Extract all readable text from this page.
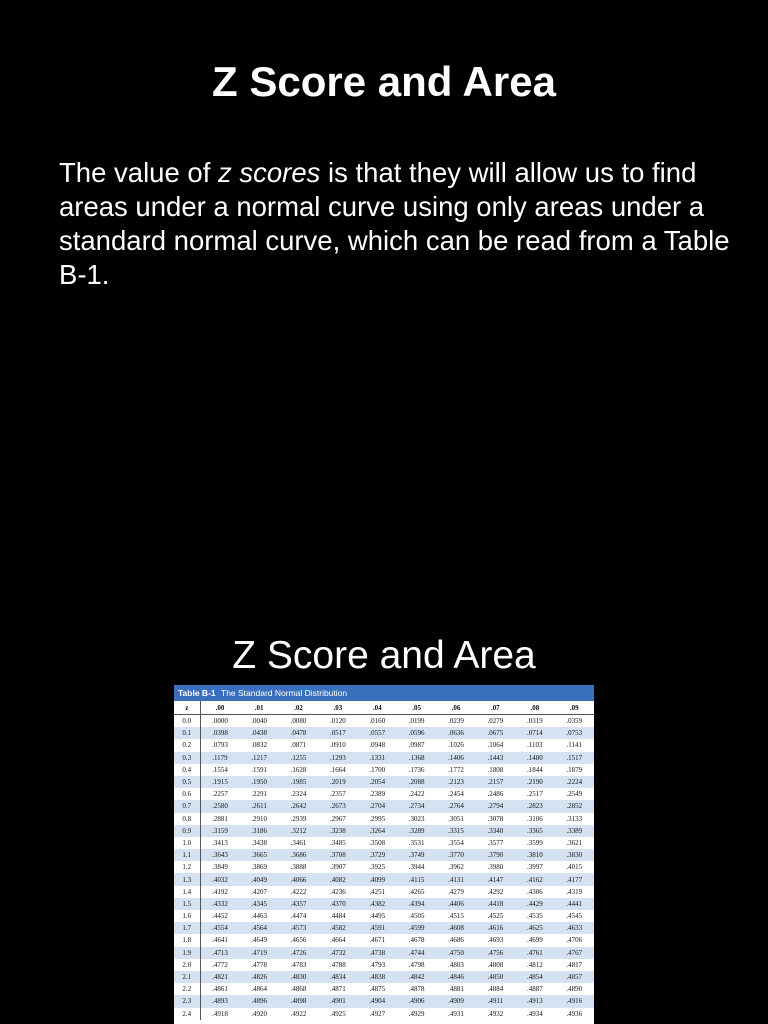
Z Score and Area
The value of z scores is that they will allow us to find areas under a normal curve using only areas under a standard normal curve, which can be read from a Table B-1.
Z Score and Area
Table B-1 The Standard Normal Distribution
z	.00	.01	.02	.03	.04	.05	.06	.07	.08	.09
0.0	.0000	.0040	.0080	.0120	.0160	.0199	.0239	.0279	.0319	.0359
0.1	.0398	.0438	.0478	.0517	.0557	.0596	.0636	.0675	.0714	.0753
0.2	.0793	.0832	.0871	.0910	.0948	.0987	.1026	.1064	.1103	.1141
0.3	.1179	.1217	.1255	.1293	.1331	.1368	.1406	.1443	.1480	.1517
0.4	.1554	.1591	.1628	.1664	.1700	.1736	.1772	.1808	.1844	.1879
0.5	.1915	.1950	.1985	.2019	.2054	.2088	.2123	.2157	.2190	.2224
0.6	.2257	.2291	.2324	.2357	.2389	.2422	.2454	.2486	.2517	.2549
0.7	.2580	.2611	.2642	.2673	.2704	.2734	.2764	.2794	.2823	.2852
0.8	.2881	.2910	.2939	.2967	.2995	.3023	.3051	.3078	.3106	.3133
0.9	.3159	.3186	.3212	.3238	.3264	.3289	.3315	.3340	.3365	.3389
1.0	.3413	.3438	.3461	.3485	.3508	.3531	.3554	.3577	.3599	.3621
1.1	.3643	.3665	.3686	.3708	.3729	.3749	.3770	.3790	.3810	.3830
1.2	.3849	.3869	.3888	.3907	.3925	.3944	.3962	.3980	.3997	.4015
1.3	.4032	.4049	.4066	.4082	.4099	.4115	.4131	.4147	.4162	.4177
1.4	.4192	.4207	.4222	.4236	.4251	.4265	.4279	.4292	.4306	.4319
1.5	.4332	.4345	.4357	.4370	.4382	.4394	.4406	.4418	.4429	.4441
1.6	.4452	.4463	.4474	.4484	.4495	.4505	.4515	.4525	.4535	.4545
1.7	.4554	.4564	.4573	.4582	.4591	.4599	.4608	.4616	.4625	.4633
1.8	.4641	.4649	.4656	.4664	.4671	.4678	.4686	.4693	.4699	.4706
1.9	.4713	.4719	.4726	.4732	.4738	.4744	.4750	.4756	.4761	.4767
2.0	.4772	.4778	.4783	.4788	.4793	.4798	.4803	.4808	.4812	.4817
2.1	.4821	.4826	.4830	.4834	.4838	.4842	.4846	.4850	.4854	.4857
2.2	.4861	.4864	.4868	.4871	.4875	.4878	.4881	.4884	.4887	.4890
2.3	.4893	.4896	.4898	.4901	.4904	.4906	.4909	.4911	.4913	.4916
2.4	.4918	.4920	.4922	.4925	.4927	.4929	.4931	.4932	.4934	.4936
